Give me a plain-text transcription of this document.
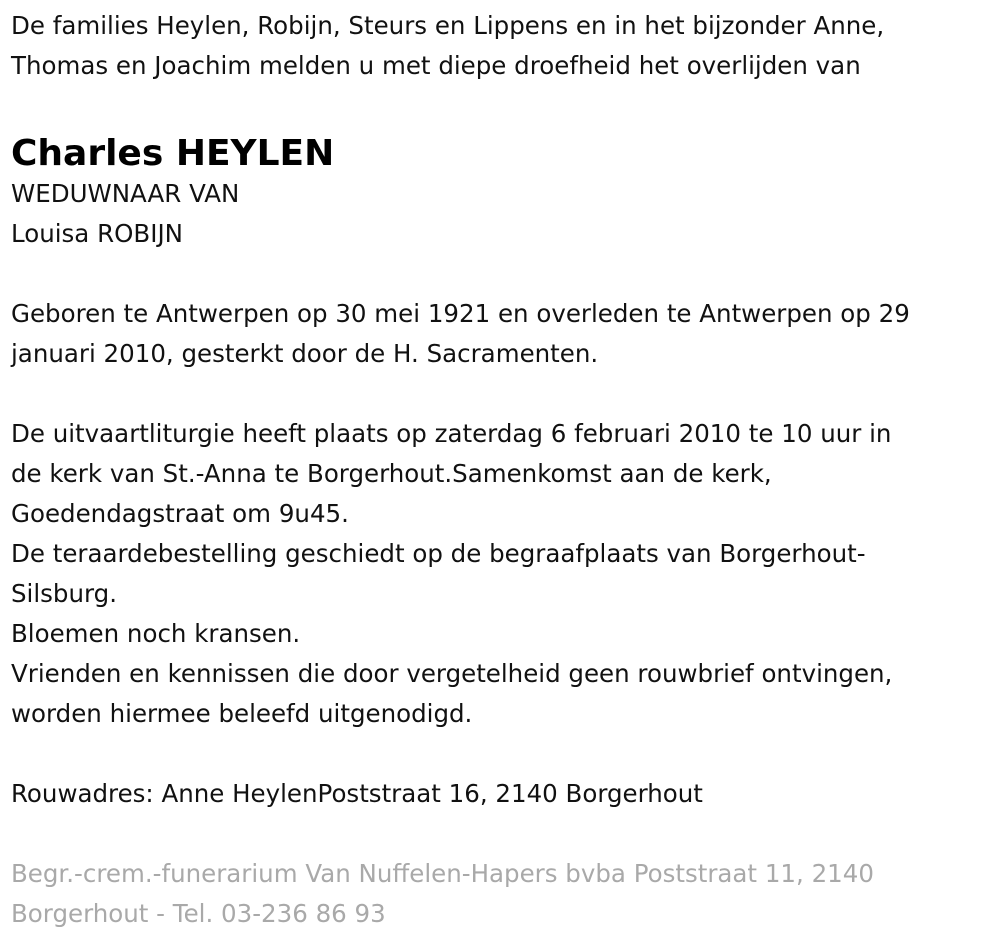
De families Heylen, Robijn, Steurs en Lippens en in het bijzonder Anne,

Thomas en Joachim melden u met diepe droefheid het overlijden van

Charles HEYLEN

WEDUWNAAR VAN

Louisa ROBIJN

Geboren te Antwerpen op 30 mei 1921 en overleden te Antwerpen op 29

januari 2010, gesterkt door de H. Sacramenten.

De uitvaartliturgie heeft plaats op zaterdag 6 februari 2010 te 10 uur in

de kerk van St.-Anna te Borgerhout.Samenkomst aan de kerk,

Goedendagstraat om 9u45.

De teraardebestelling geschiedt op de begraafplaats van Borgerhout-

Silsburg.

Bloemen noch kransen.

Vrienden en kennissen die door vergetelheid geen rouwbrief ontvingen,

worden hiermee beleefd uitgenodigd.

Rouwadres: Anne HeylenPoststraat 16, 2140 Borgerhout

Begr.-crem.-funerarium Van Nuffelen-Hapers bvba Poststraat 11, 2140

Borgerhout - Tel. 03-236 86 93
